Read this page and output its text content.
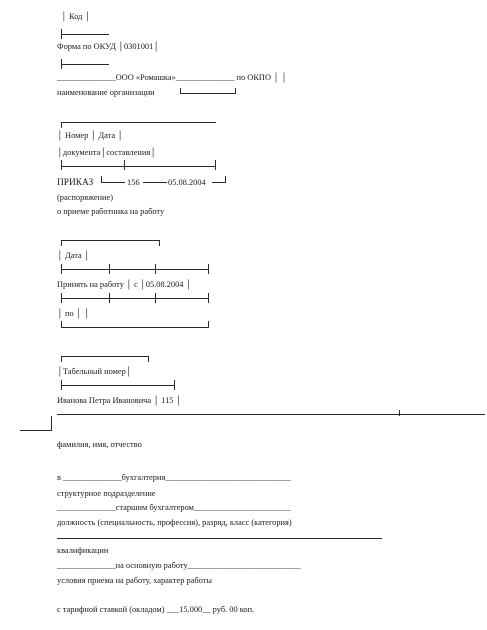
│ Код │
Форма по ОКУД │0301001│
______________ООО «Ромашка»______________ по ОКПО │ │
наименование организации
│ Номер │ Дата │
│документа│составления│
ПРИКАЗ	156	05.08.2004
(распоряжение)
о приеме работника на работу
│ Дата │
Принять на работу │ с │05.08.2004 │
│ по │ │
│Табельный номер│
Иванова Петра Ивановича │ 115 │
фамилия, имя, отчество
в ______________бухгалтерия______________________________
структурное подразделение
______________старшим бухгалтером_______________________
должность (специальность, профессия), разряд, класс (категория)
квалификации
______________на основную работу___________________________
условия приема на работу, характер работы
с тарифной ставкой (окладом) ___15.000__ руб. 00 коп.
